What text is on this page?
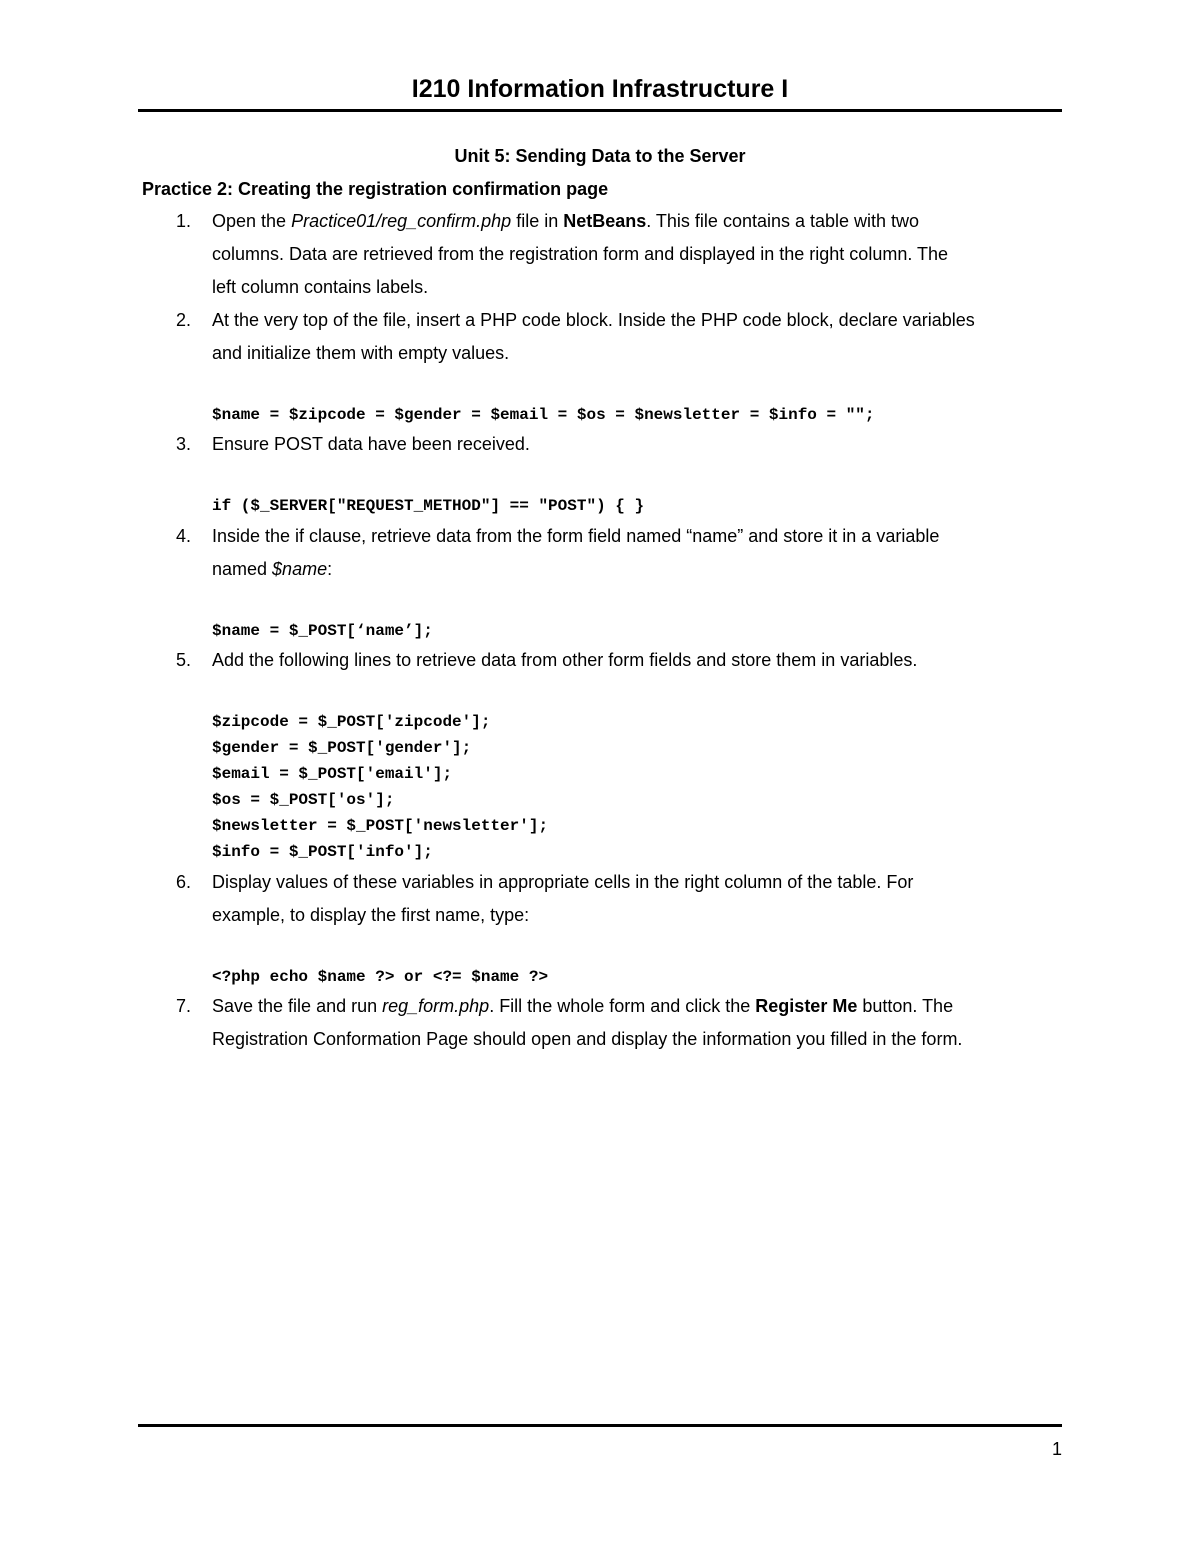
I210 Information Infrastructure I
Unit 5: Sending Data to the Server
Practice 2: Creating the registration confirmation page
1. Open the Practice01/reg_confirm.php file in NetBeans. This file contains a table with two
columns. Data are retrieved from the registration form and displayed in the right column. The
left column contains labels.
2. At the very top of the file, insert a PHP code block. Inside the PHP code block, declare variables
and initialize them with empty values.
$name = $zipcode = $gender = $email = $os = $newsletter = $info = "";
3. Ensure POST data have been received.
if ($_SERVER["REQUEST_METHOD"] == "POST") { }
4. Inside the if clause, retrieve data from the form field named “name” and store it in a variable
named $name:
$name = $_POST[‘name’];
5. Add the following lines to retrieve data from other form fields and store them in variables.
$zipcode = $_POST['zipcode'];
$gender = $_POST['gender'];
$email = $_POST['email'];
$os = $_POST['os'];
$newsletter = $_POST['newsletter'];
$info = $_POST['info'];
6. Display values of these variables in appropriate cells in the right column of the table. For
example, to display the first name, type:
<?php echo $name ?> or <?= $name ?>
7. Save the file and run reg_form.php. Fill the whole form and click the Register Me button. The
Registration Conformation Page should open and display the information you filled in the form.
1
